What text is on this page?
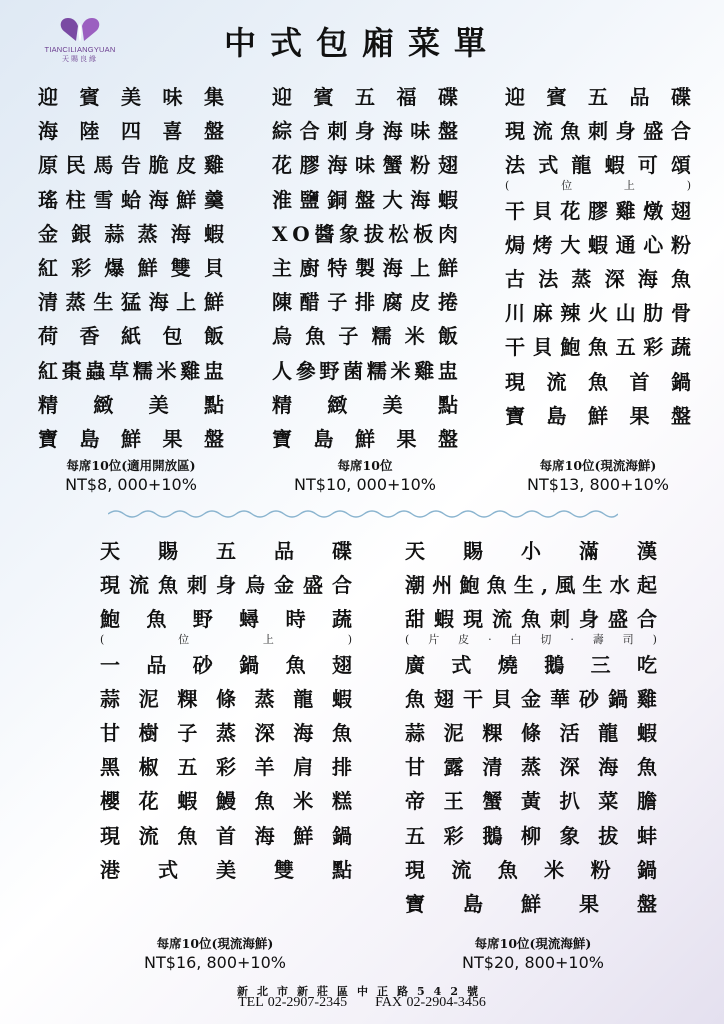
TIANCILIANGYUAN
天賜良緣	中式包廂菜單
迎 賓 美 味 集
海 陸 四 喜 盤
原 民 馬 告 脆 皮 雞
瑤 柱 雪 蛤 海 鮮 羹
金 銀 蒜 蒸 海 蝦
紅 彩 爆 鮮 雙 貝
清 蒸 生 猛 海 上 鮮
荷 香 紙 包 飯
紅 棗 蟲 草 糯 米 雞 盅
精 緻 美 點
寶 島 鮮 果 盤
每席10位(適用開放區)
NT$8, 000+10%
迎 賓 五 福 碟
綜 合 刺 身 海 味 盤
花 膠 海 味 蟹 粉 翅
淮 鹽 銅 盤 大 海 蝦
X O 醬 象 拔 松 板 肉
主 廚 特 製 海 上 鮮
陳 醋 子 排 腐 皮 捲
烏 魚 子 糯 米 飯
人 參 野 菌 糯 米 雞 盅
精 緻 美 點
寶 島 鮮 果 盤
每席10位
NT$10, 000+10%
迎 賓 五 品 碟
現 流 魚 刺 身 盛 合
法 式 龍 蝦 可 頌
(	位	上	)
干 貝 花 膠 雞 燉 翅
焗 烤 大 蝦 通 心 粉
古 法 蒸 深 海 魚
川 麻 辣 火 山 肋 骨
干 貝 鮑 魚 五 彩 蔬
現 流 魚 首 鍋
寶 島 鮮 果 盤
每席10位(現流海鮮)
NT$13, 800+10%
天 賜 五 品 碟
現 流 魚 刺 身 烏 金 盛 合
鮑 魚 野 蟳 時 蔬
(	位	上	)
一 品 砂 鍋 魚 翅
蒜 泥 粿 條 蒸 龍 蝦
甘 樹 子 蒸 深 海 魚
黑 椒 五 彩 羊 肩 排
櫻 花 蝦 鰻 魚 米 糕
現 流 魚 首 海 鮮 鍋
港 式 美 雙 點
每席10位(現流海鮮)
NT$16, 800+10%
天 賜 小 滿 漢
潮 州 鮑 魚 生 , 風 生 水 起
甜 蝦 現 流 魚 刺 身 盛 合
( 片 皮 · 白 切 · 壽 司 )
廣 式 燒 鵝 三 吃
魚 翅 干 貝 金 華 砂 鍋 雞
蒜 泥 粿 條 活 龍 蝦
甘 露 清 蒸 深 海 魚
帝 王 蟹 黃 扒 菜 膽
五 彩 鵝 柳 象 拔 蚌
現 流 魚 米 粉 鍋
寶 島 鮮 果 盤
每席10位(現流海鮮)
NT$20, 800+10%
新北市新莊區中正路542號
TEL 02-2907-2345 FAX 02-2904-3456
